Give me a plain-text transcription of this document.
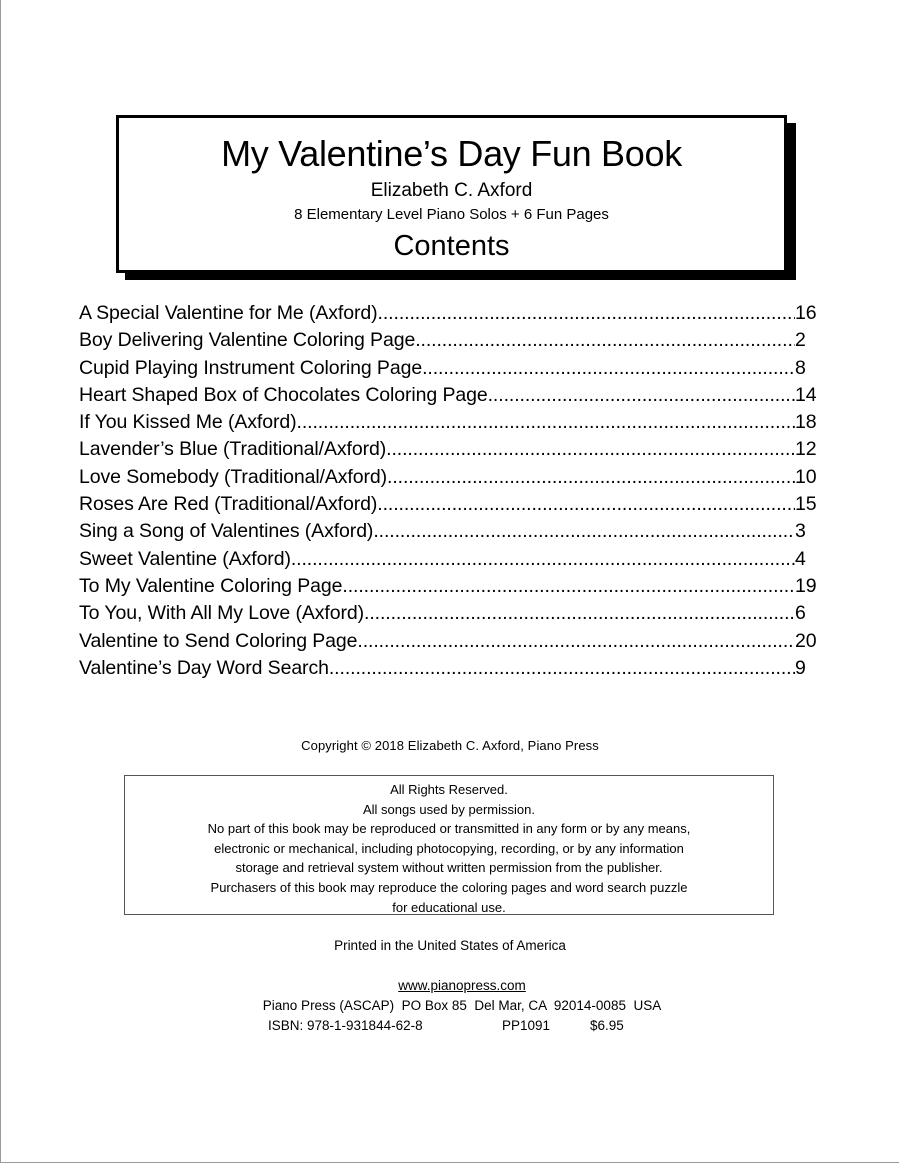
My Valentine’s Day Fun Book
Elizabeth C. Axford
8 Elementary Level Piano Solos + 6 Fun Pages
Contents
A Special Valentine for Me (Axford) .....	16
Boy Delivering Valentine Coloring Page .....	2
Cupid Playing Instrument Coloring Page .....	8
Heart Shaped Box of Chocolates Coloring Page .....	14
If You Kissed Me (Axford) .....	18
Lavender’s Blue (Traditional/Axford) .....	12
Love Somebody (Traditional/Axford) .....	10
Roses Are Red (Traditional/Axford) .....	15
Sing a Song of Valentines (Axford) .....	3
Sweet Valentine (Axford) .....	4
To My Valentine Coloring Page .....	19
To You, With All My Love (Axford) .....	6
Valentine to Send Coloring Page .....	20
Valentine’s Day Word Search .....	9
Copyright © 2018 Elizabeth C. Axford, Piano Press
All Rights Reserved.
All songs used by permission.
No part of this book may be reproduced or transmitted in any form or by any means,
electronic or mechanical, including photocopying, recording, or by any information
storage and retrieval system without written permission from the publisher.
Purchasers of this book may reproduce the coloring pages and word search puzzle
for educational use.
Printed in the United States of America
www.pianopress.com
Piano Press (ASCAP)  PO Box 85  Del Mar, CA  92014-0085  USA
ISBN: 978-1-931844-62-8	PP1091	$6.95
